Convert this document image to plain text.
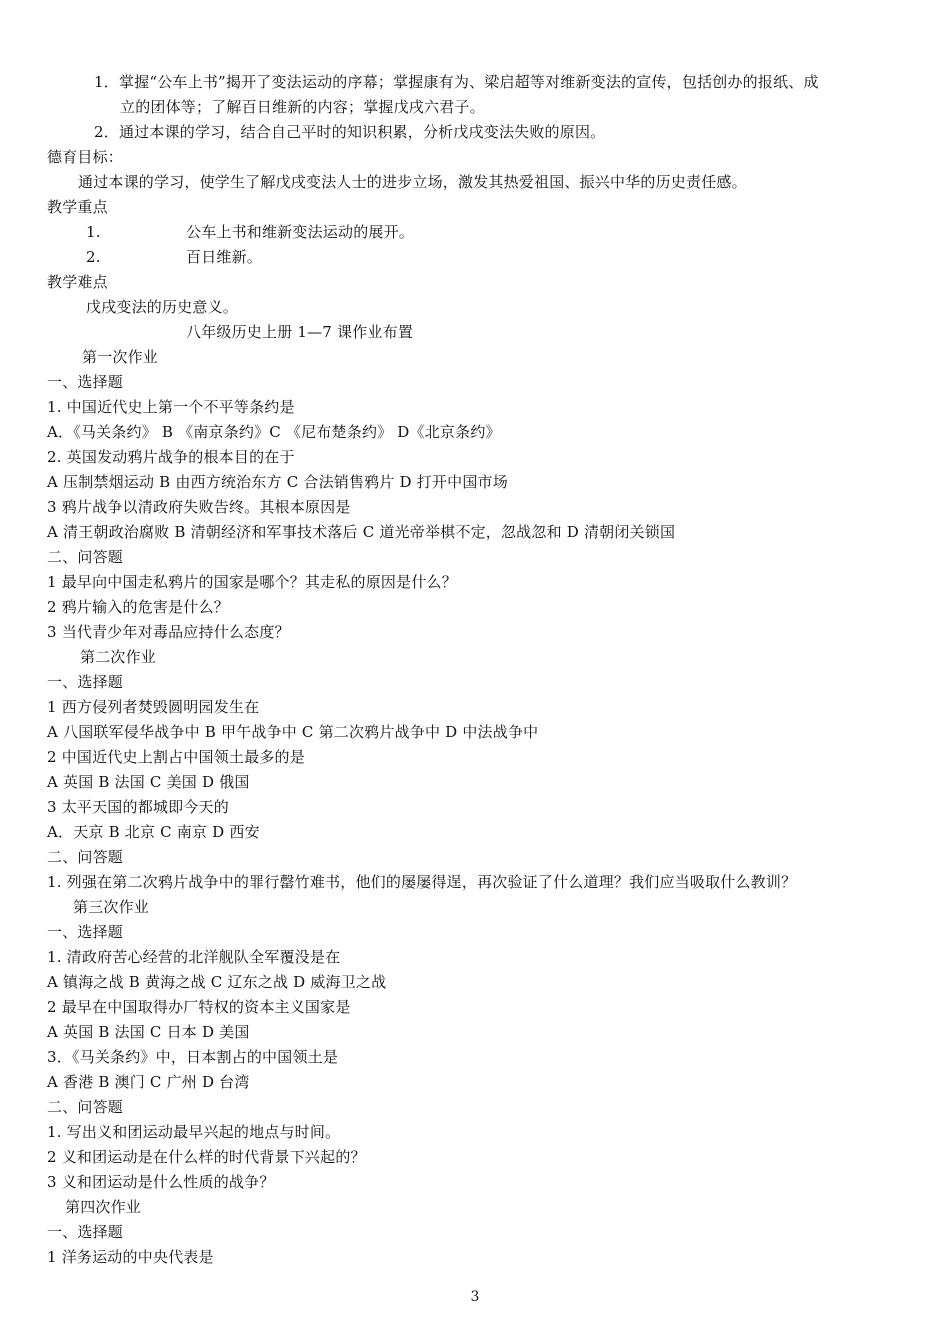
1．掌握“公车上书”揭开了变法运动的序幕；掌握康有为、梁启超等对维新变法的宣传，包括创办的报纸、成
立的团体等；了解百日维新的内容；掌握戊戌六君子。
2．通过本课的学习，结合自己平时的知识积累，分析戊戌变法失败的原因。
德育目标：
通过本课的学习，使学生了解戊戌变法人士的进步立场，激发其热爱祖国、振兴中华的历史责任感。
教学重点
1.	公车上书和维新变法运动的展开。
2.	百日维新。
教学难点
戊戌变法的历史意义。
八年级历史上册 1—7 课作业布置
第一次作业
一、选择题
1. 中国近代史上第一个不平等条约是
A．《马关条约》 B 《南京条约》C 《尼布楚条约》 D《北京条约》
2. 英国发动鸦片战争的根本目的在于
A 压制禁烟运动 B 由西方统治东方 C 合法销售鸦片 D 打开中国市场
3 鸦片战争以清政府失败告终。其根本原因是
A 清王朝政治腐败 B 清朝经济和军事技术落后 C 道光帝举棋不定，忽战忽和 D 清朝闭关锁国
二、问答题
1 最早向中国走私鸦片的国家是哪个？其走私的原因是什么？
2 鸦片输入的危害是什么？
3 当代青少年对毒品应持什么态度？
第二次作业
一、选择题
1 西方侵列者焚毁圆明园发生在
A 八国联军侵华战争中 B 甲午战争中 C 第二次鸦片战争中 D 中法战争中
2 中国近代史上割占中国领土最多的是
A 英国 B 法国 C 美国 D 俄国
3 太平天国的都城即今天的
A．天京 B 北京 C 南京 D 西安
二、问答题
1. 列强在第二次鸦片战争中的罪行罄竹难书，他们的屡屡得逞，再次验证了什么道理？我们应当吸取什么教训？
第三次作业
一、选择题
1. 清政府苦心经营的北洋舰队全军覆没是在
A 镇海之战 B 黄海之战 C 辽东之战 D 威海卫之战
2 最早在中国取得办厂特权的资本主义国家是
A 英国 B 法国 C 日本 D 美国
3．《马关条约》中，日本割占的中国领土是
A 香港 B 澳门 C 广州 D 台湾
二、问答题
1. 写出义和团运动最早兴起的地点与时间。
2 义和团运动是在什么样的时代背景下兴起的？
3 义和团运动是什么性质的战争？
第四次作业
一、选择题
1 洋务运动的中央代表是
3
